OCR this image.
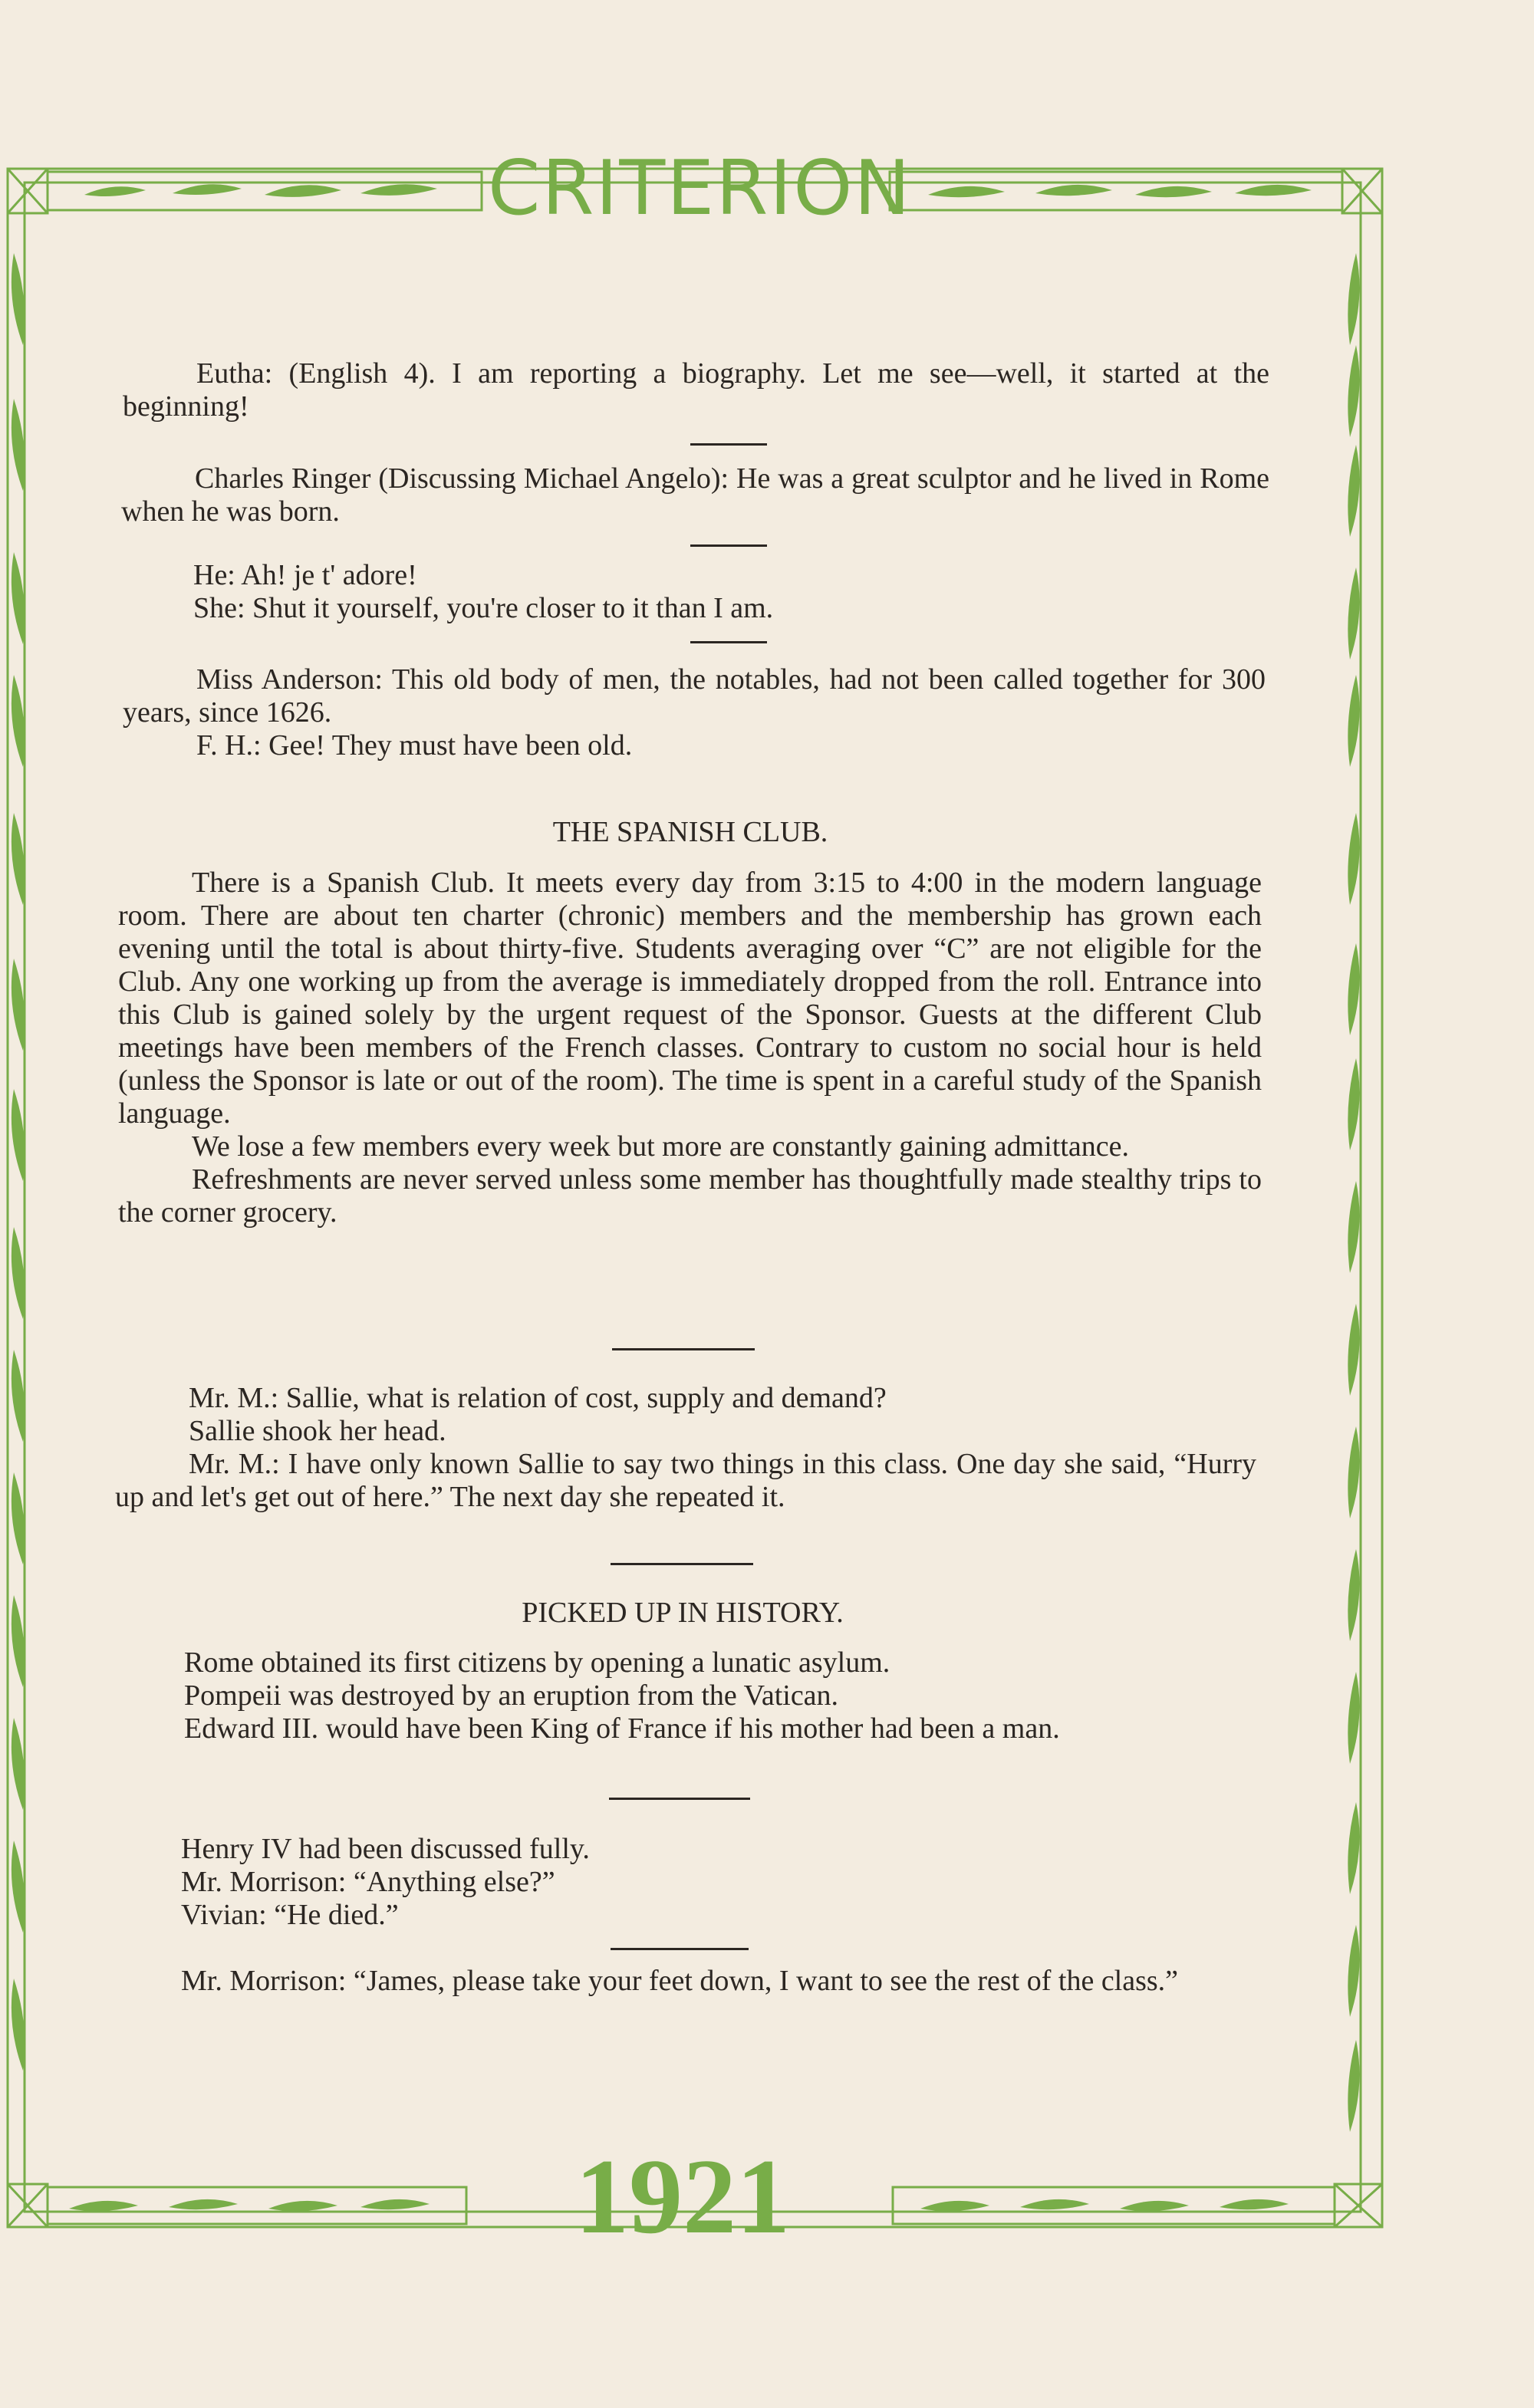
CRITERION
1921

Eutha: (English 4). I am reporting a biography. Let me see—well, it started at the beginning!

Charles Ringer (Discussing Michael Angelo): He was a great sculptor and he lived in Rome when he was born.

He: Ah! je t' adore!

She: Shut it yourself, you're closer to it than I am.

Miss Anderson: This old body of men, the notables, had not been called together for 300 years, since 1626.

F. H.: Gee! They must have been old.

THE SPANISH CLUB.

There is a Spanish Club. It meets every day from 3:15 to 4:00 in the modern language room. There are about ten charter (chronic) members and the membership has grown each evening until the total is about thirty-five. Students averaging over “C” are not eligible for the Club. Any one working up from the average is immediately dropped from the roll. Entrance into this Club is gained solely by the urgent request of the Sponsor. Guests at the different Club meetings have been members of the French classes. Contrary to custom no social hour is held (unless the Sponsor is late or out of the room). The time is spent in a careful study of the Spanish language.

We lose a few members every week but more are constantly gaining admittance.

Refreshments are never served unless some member has thoughtfully made stealthy trips to the corner grocery.

Mr. M.: Sallie, what is relation of cost, supply and demand?

Sallie shook her head.

Mr. M.: I have only known Sallie to say two things in this class. One day she said, “Hurry up and let's get out of here.” The next day she repeated it.

PICKED UP IN HISTORY.

Rome obtained its first citizens by opening a lunatic asylum.

Pompeii was destroyed by an eruption from the Vatican.

Edward III. would have been King of France if his mother had been a man.

Henry IV had been discussed fully.

Mr. Morrison: “Anything else?”

Vivian: “He died.”

Mr. Morrison: “James, please take your feet down, I want to see the rest of the class.”
